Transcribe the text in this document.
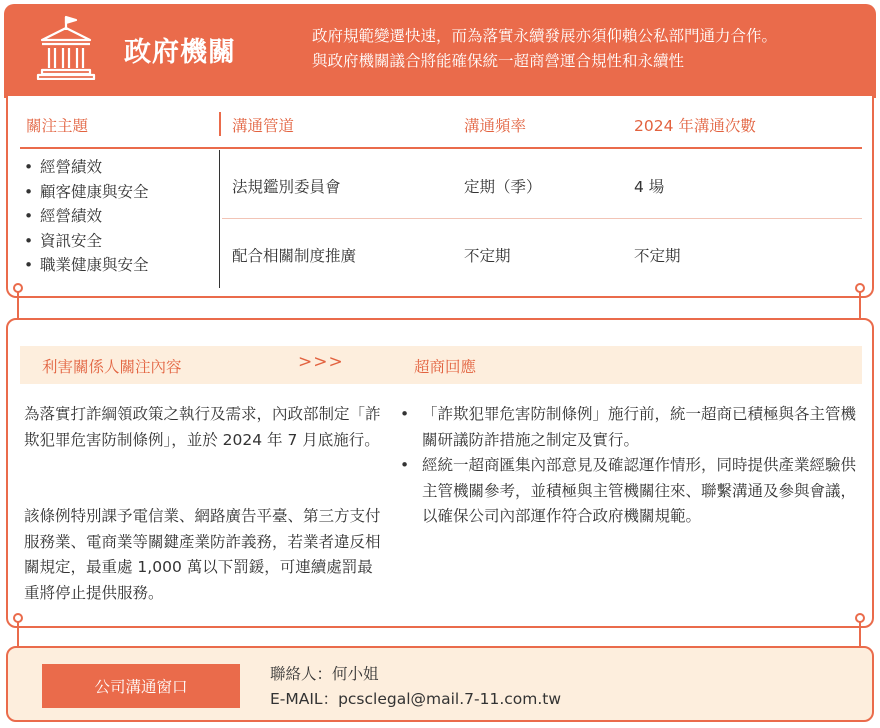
政府機關
政府規範變遷快速，而為落實永續發展亦須仰賴公私部門通力合作。
與政府機關議合將能確保統一超商營運合規性和永續性
關注主題	溝通管道	溝通頻率	2024 年溝通次數
• 經營績效
• 顧客健康與安全
• 經營績效
• 資訊安全
• 職業健康與安全
法規鑑別委員會	定期（季）	4 場
配合相關制度推廣	不定期	不定期
利害關係人關注內容	>>>	超商回應
為落實打詐綱領政策之執行及需求，內政部制定「詐欺犯罪危害防制條例」，並於 2024 年 7 月底施行。
該條例特別課予電信業、網路廣告平臺、第三方支付服務業、電商業等關鍵產業防詐義務，若業者違反相關規定，最重處 1,000 萬以下罰鍰，可連續處罰最重將停止提供服務。
• 「詐欺犯罪危害防制條例」施行前，統一超商已積極與各主管機關研議防詐措施之制定及實行。
• 經統一超商匯集內部意見及確認運作情形，同時提供產業經驗供主管機關參考，並積極與主管機關往來、聯繫溝通及參與會議，以確保公司內部運作符合政府機關規範。
公司溝通窗口
聯絡人：何小姐
E-MAIL：pcsclegal@mail.7-11.com.tw
